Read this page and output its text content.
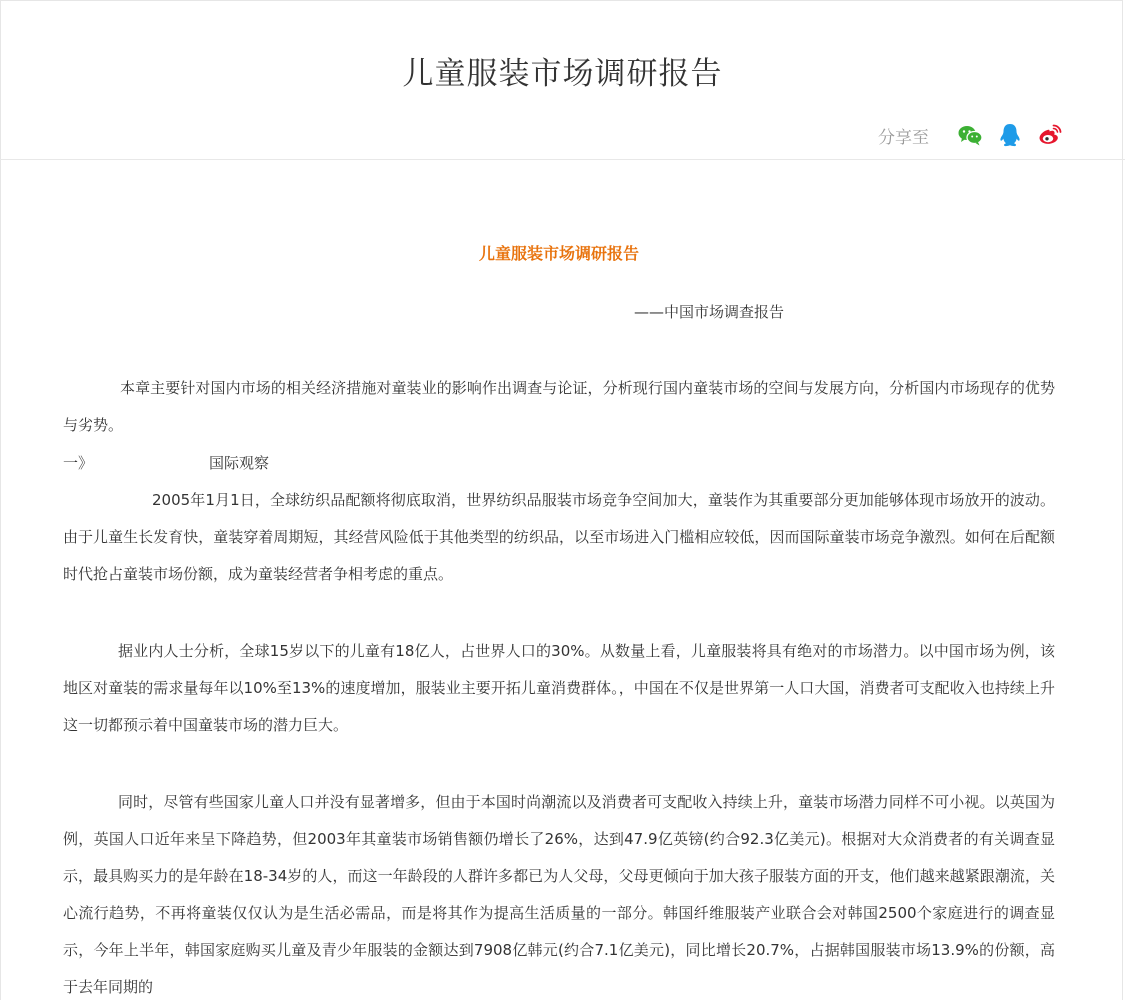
儿童服装市场调研报告
分享至
儿童服装市场调研报告
——中国市场调查报告

本章主要针对国内市场的相关经济措施对童装业的影响作出调查与论证，分析现行国内童装市场的空间与发展方向，分析国内市场现存的优势与劣势。

一》	国际观察

2005年1月1日，全球纺织品配额将彻底取消，世界纺织品服装市场竞争空间加大，童装作为其重要部分更加能够体现市场放开的波动。由于儿童生长发育快，童装穿着周期短，其经营风险低于其他类型的纺织品，以至市场进入门槛相应较低，因而国际童装市场竞争激烈。如何在后配额时代抢占童装市场份额，成为童装经营者争相考虑的重点。

据业内人士分析，全球15岁以下的儿童有18亿人，占世界人口的30%。从数量上看，儿童服装将具有绝对的市场潜力。以中国市场为例，该地区对童装的需求量每年以10%至13%的速度增加，服装业主要开拓儿童消费群体。，中国在不仅是世界第一人口大国，消费者可支配收入也持续上升这一切都预示着中国童装市场的潜力巨大。

同时，尽管有些国家儿童人口并没有显著增多，但由于本国时尚潮流以及消费者可支配收入持续上升，童装市场潜力同样不可小视。以英国为例，英国人口近年来呈下降趋势，但2003年其童装市场销售额仍增长了26%，达到47.9亿英镑(约合92.3亿美元)。根据对大众消费者的有关调查显示，最具购买力的是年龄在18-34岁的人，而这一年龄段的人群许多都已为人父母，父母更倾向于加大孩子服装方面的开支，他们越来越紧跟潮流，关心流行趋势，不再将童装仅仅认为是生活必需品，而是将其作为提高生活质量的一部分。韩国纤维服装产业联合会对韩国2500个家庭进行的调查显示，今年上半年，韩国家庭购买儿童及青少年服装的金额达到7908亿韩元(约合7.1亿美元)，同比增长20.7%，占据韩国服装市场13.9%的份额，高于去年同期的
